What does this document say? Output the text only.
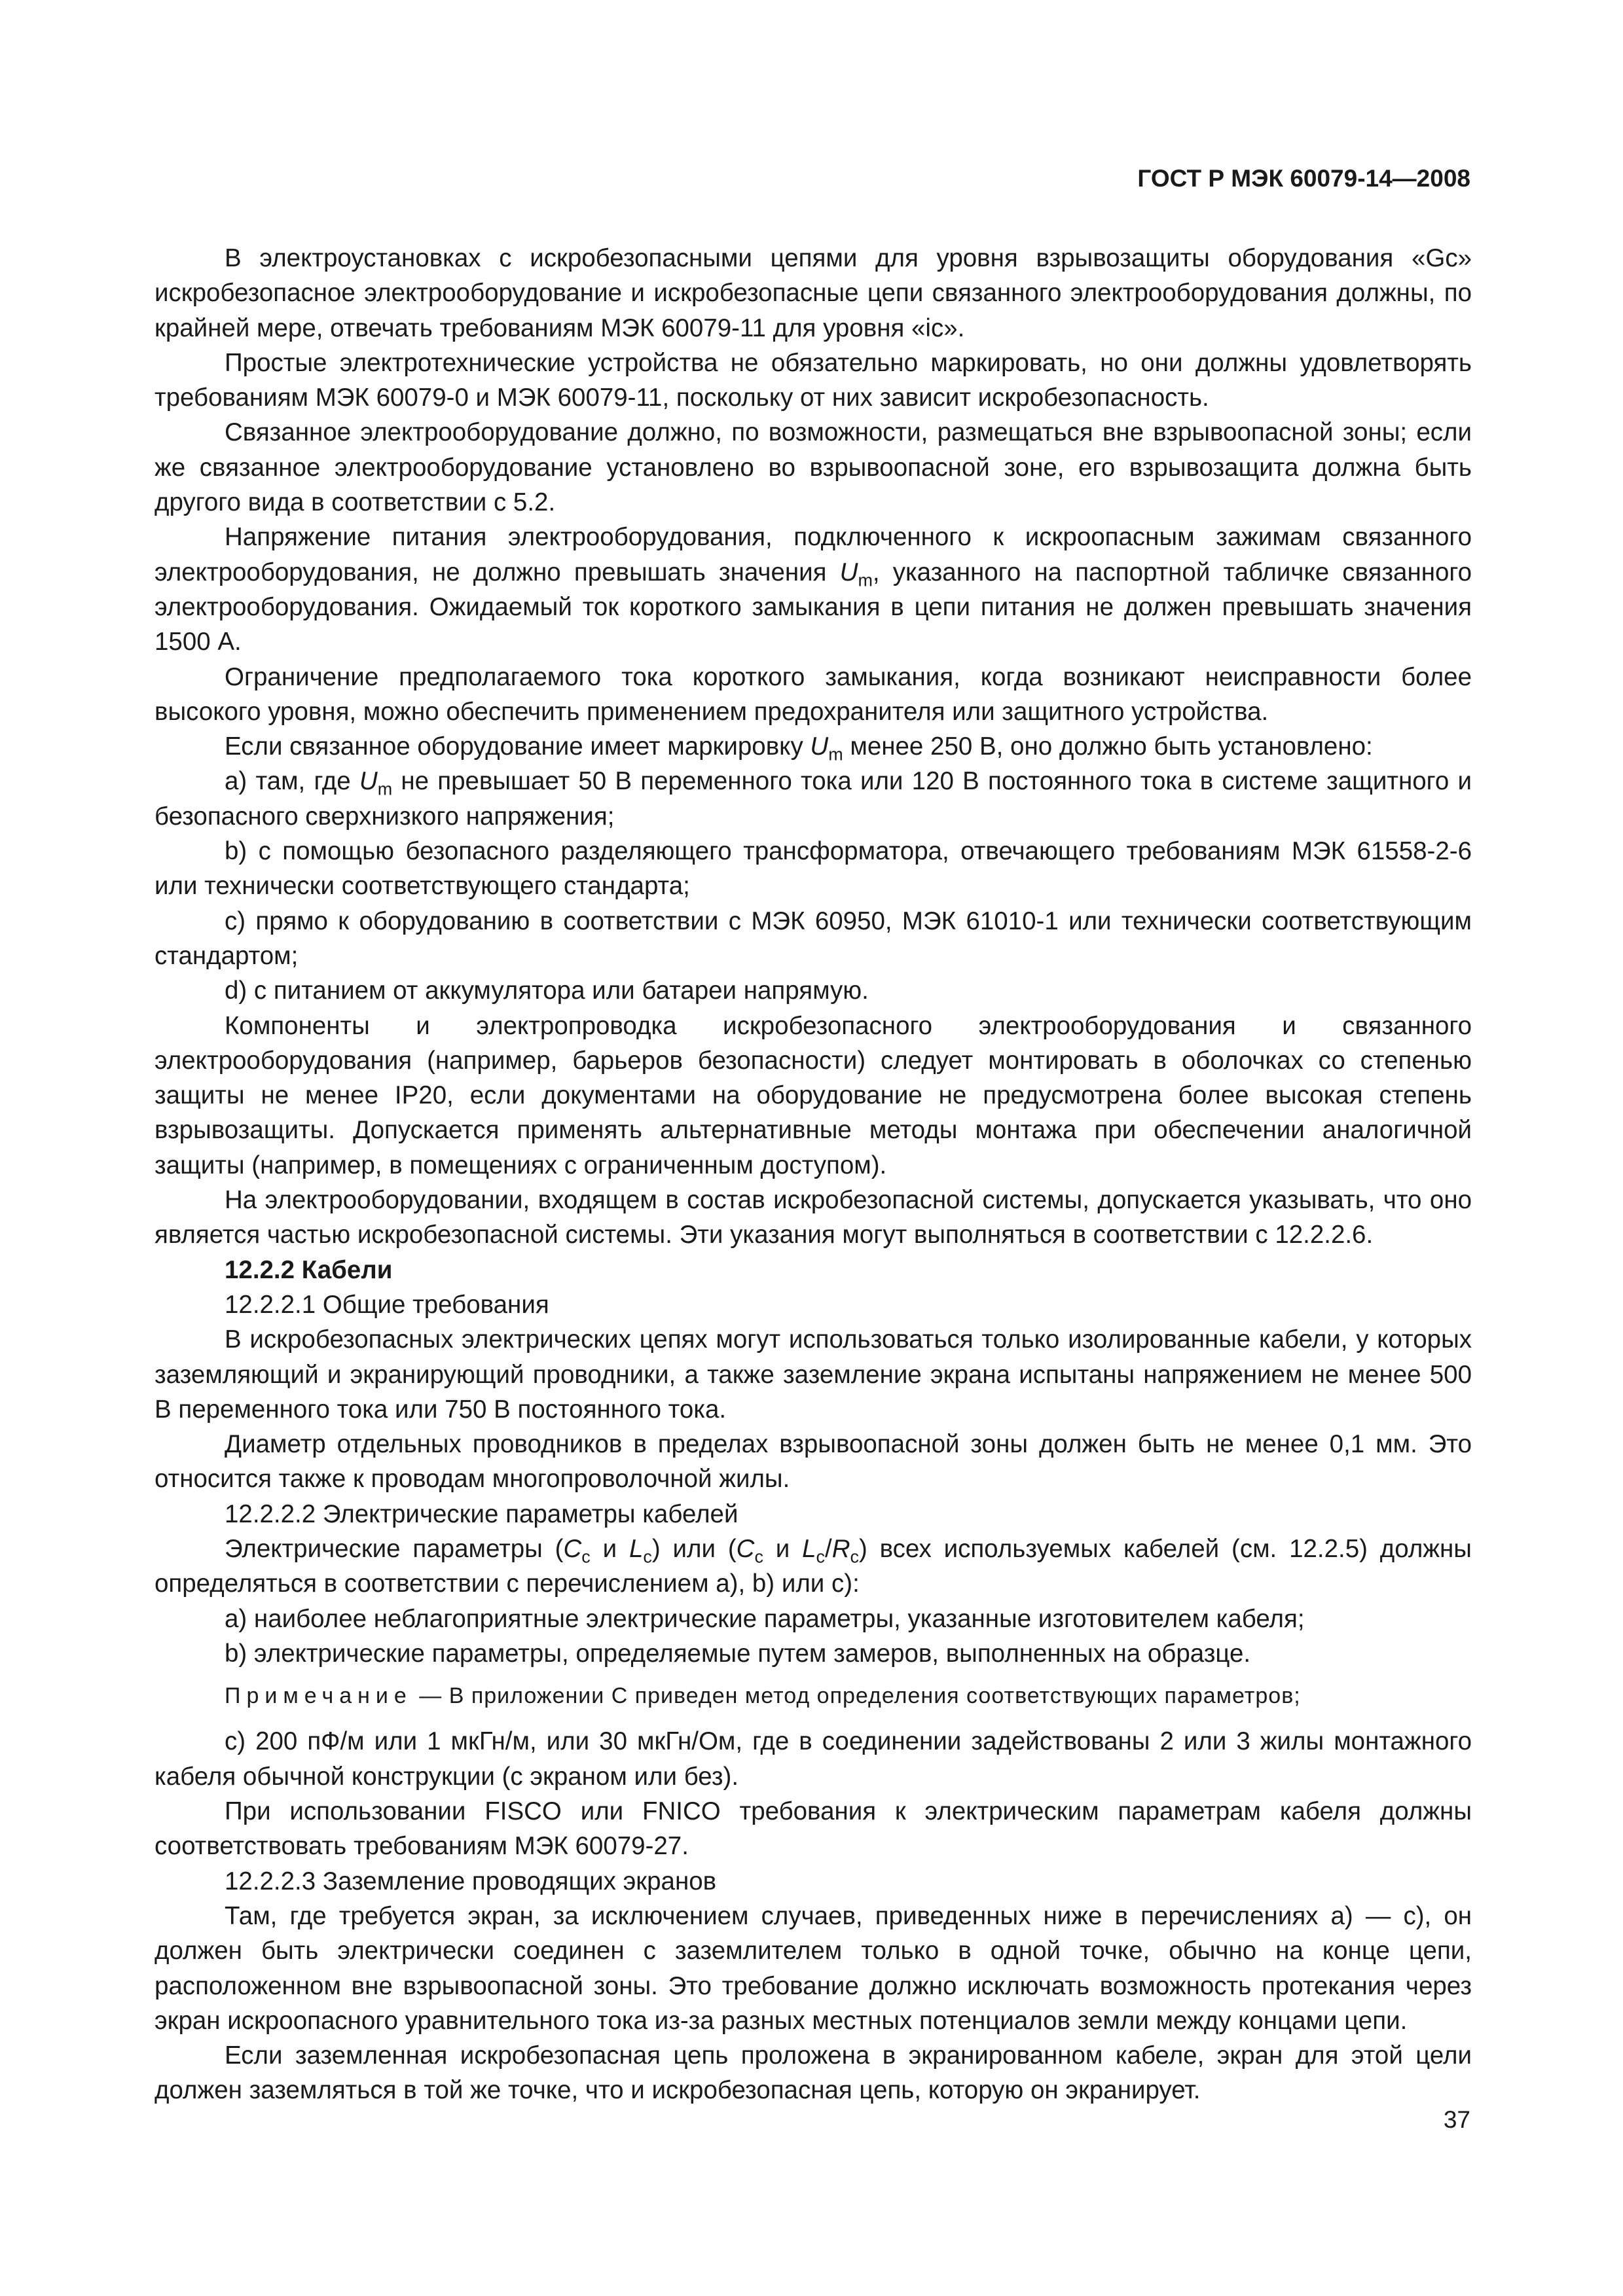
ГОСТ Р МЭК 60079-14—2008

В электроустановках с искробезопасными цепями для уровня взрывозащиты оборудования «Gc» искробезопасное электрооборудование и искробезопасные цепи связанного электрооборудования должны, по крайней мере, отвечать требованиям МЭК 60079-11 для уровня «ic».

Простые электротехнические устройства не обязательно маркировать, но они должны удовлетворять требованиям МЭК 60079-0 и МЭК 60079-11, поскольку от них зависит искробезопасность.

Связанное электрооборудование должно, по возможности, размещаться вне взрывоопасной зоны; если же связанное электрооборудование установлено во взрывоопасной зоне, его взрывозащита должна быть другого вида в соответствии с 5.2.

Напряжение питания электрооборудования, подключенного к искроопасным зажимам связанного электрооборудования, не должно превышать значения $U_m$, указанного на паспортной табличке связанного электрооборудования. Ожидаемый ток короткого замыкания в цепи питания не должен превышать значения 1500 А.

Ограничение предполагаемого тока короткого замыкания, когда возникают неисправности более высокого уровня, можно обеспечить применением предохранителя или защитного устройства.

Если связанное оборудование имеет маркировку $U_m$ менее 250 В, оно должно быть установлено:

а) там, где $U_m$ не превышает 50 В переменного тока или 120 В постоянного тока в системе защитного и безопасного сверхнизкого напряжения;

b) с помощью безопасного разделяющего трансформатора, отвечающего требованиям МЭК 61558-2-6 или технически соответствующего стандарта;

с) прямо к оборудованию в соответствии с МЭК 60950, МЭК 61010-1 или технически соответствующим стандартом;

d) с питанием от аккумулятора или батареи напрямую.

Компоненты и электропроводка искробезопасного электрооборудования и связанного электрооборудования (например, барьеров безопасности) следует монтировать в оболочках со степенью защиты не менее IP20, если документами на оборудование не предусмотрена более высокая степень взрывозащиты. Допускается применять альтернативные методы монтажа при обеспечении аналогичной защиты (например, в помещениях с ограниченным доступом).

На электрооборудовании, входящем в состав искробезопасной системы, допускается указывать, что оно является частью искробезопасной системы. Эти указания могут выполняться в соответствии с 12.2.2.6.

12.2.2 Кабели

12.2.2.1 Общие требования

В искробезопасных электрических цепях могут использоваться только изолированные кабели, у которых заземляющий и экранирующий проводники, а также заземление экрана испытаны напряжением не менее 500 В переменного тока или 750 В постоянного тока.

Диаметр отдельных проводников в пределах взрывоопасной зоны должен быть не менее 0,1 мм. Это относится также к проводам многопроволочной жилы.

12.2.2.2 Электрические параметры кабелей

Электрические параметры ($C_c$ и $L_c$) или ($C_c$ и $L_c/R_c$) всех используемых кабелей (см. 12.2.5) должны определяться в соответствии с перечислением а), b) или с):

а) наиболее неблагоприятные электрические параметры, указанные изготовителем кабеля;

b) электрические параметры, определяемые путем замеров, выполненных на образце.

Примечание — В приложении С приведен метод определения соответствующих параметров;

с) 200 пФ/м или 1 мкГн/м, или 30 мкГн/Ом, где в соединении задействованы 2 или 3 жилы монтажного кабеля обычной конструкции (с экраном или без).

При использовании FISCO или FNICO требования к электрическим параметрам кабеля должны соответствовать требованиям МЭК 60079-27.

12.2.2.3 Заземление проводящих экранов

Там, где требуется экран, за исключением случаев, приведенных ниже в перечислениях а) — с), он должен быть электрически соединен с заземлителем только в одной точке, обычно на конце цепи, расположенном вне взрывоопасной зоны. Это требование должно исключать возможность протекания через экран искроопасного уравнительного тока из-за разных местных потенциалов земли между концами цепи.

Если заземленная искробезопасная цепь проложена в экранированном кабеле, экран для этой цели должен заземляться в той же точке, что и искробезопасная цепь, которую он экранирует.

37
